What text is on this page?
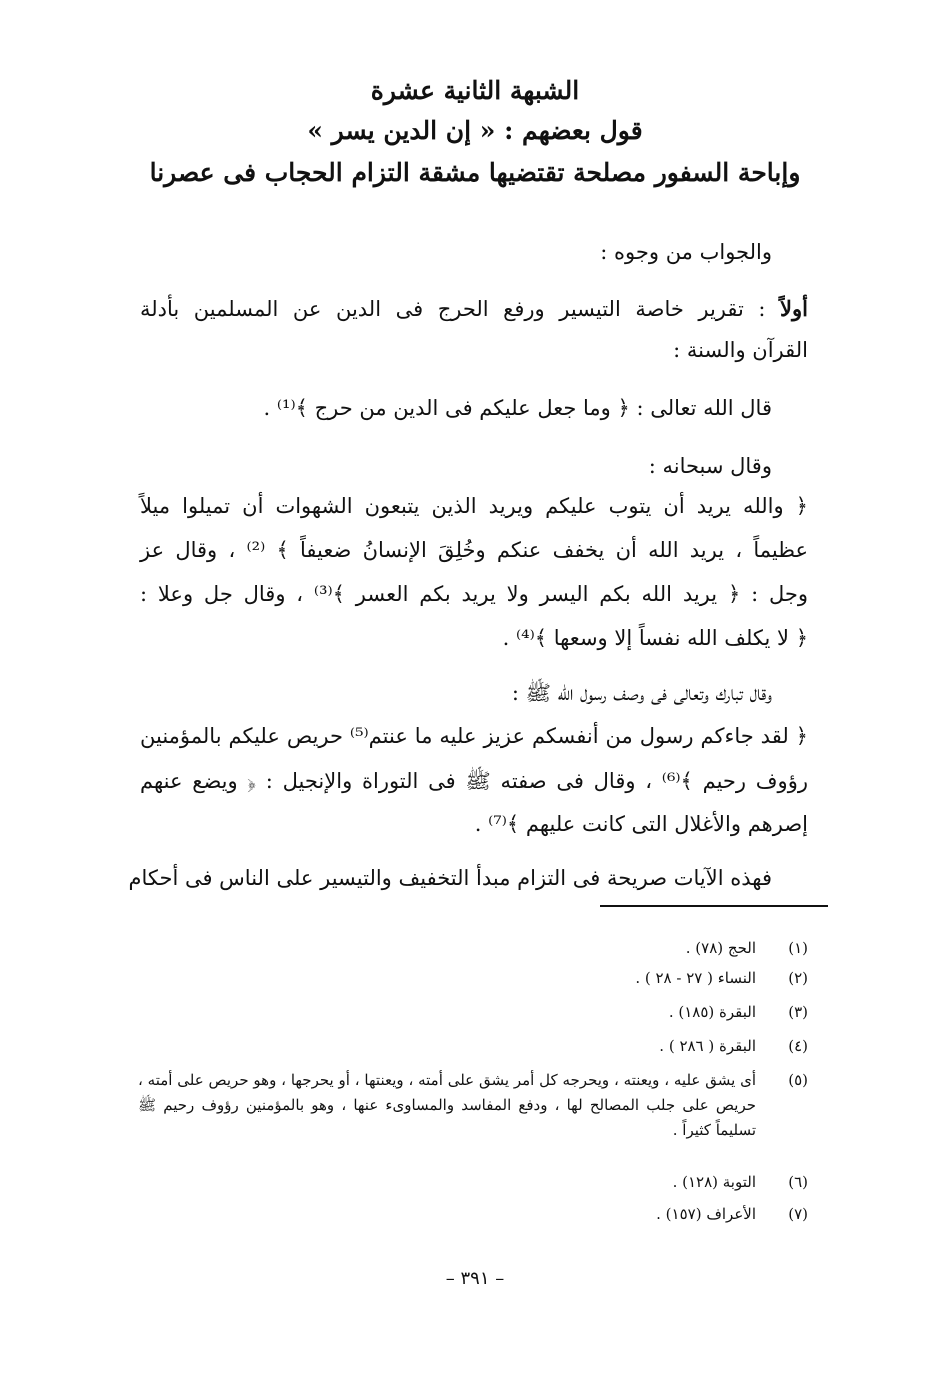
الشبهة الثانية عشرة
قول بعضهم : « إن الدين يسر »
وإباحة السفور مصلحة تقتضيها مشقة التزام الحجاب فى عصرنا
والجواب من وجوه :
أولاً : تقرير خاصة التيسير ورفع الحرج فى الدين عن المسلمين بأدلة
القرآن والسنة :
قال الله تعالى : ﴿ وما جعل عليكم فى الدين من حرج ﴾⁽¹⁾ .
وقال سبحانه :
﴿ والله يريد أن يتوب عليكم ويريد الذين يتبعون الشهوات أن تميلوا ميلاً
عظيماً ، يريد الله أن يخفف عنكم وخُلِقَ الإنسانُ ضعيفاً ﴾ ⁽²⁾ ، وقال عز
وجل : ﴿ يريد الله بكم اليسر ولا يريد بكم العسر ﴾⁽³⁾ ، وقال جل وعلا :
﴿ لا يكلف الله نفساً إلا وسعها ﴾⁽⁴⁾ .
وقال تبارك وتعالى فى وصف رسول الله ﷺ :
﴿ لقد جاءكم رسول من أنفسكم عزيز عليه ما عنتم⁽⁵⁾ حريص عليكم بالمؤمنين
رؤوف رحيم ﴾⁽⁶⁾ ، وقال فى صفته ﷺ فى التوراة والإنجيل : ﴿ ويضع عنهم
إصرهم والأغلال التى كانت عليهم ﴾⁽⁷⁾ .
فهذه الآيات صريحة فى التزام مبدأ التخفيف والتيسير على الناس فى أحكام
(١)
الحج (٧٨) .
(٢)
النساء ( ٢٧ - ٢٨ ) .
(٣)
البقرة (١٨٥) .
(٤)
البقرة ( ٢٨٦ ) .
(٥)
أى يشق عليه ، ويعنته ، ويحرجه كل أمر يشق على أمته ، ويعنتها ، أو يحرجها ، وهو حريص على أمته ، حريص على جلب المصالح لها ، ودفع المفاسد والمساوىء عنها ، وهو بالمؤمنين رؤوف رحيم ﷺ تسليماً كثيراً .
(٦)
التوبة (١٢٨) .
(٧)
الأعراف (١٥٧) .
– ٣٩١ –
